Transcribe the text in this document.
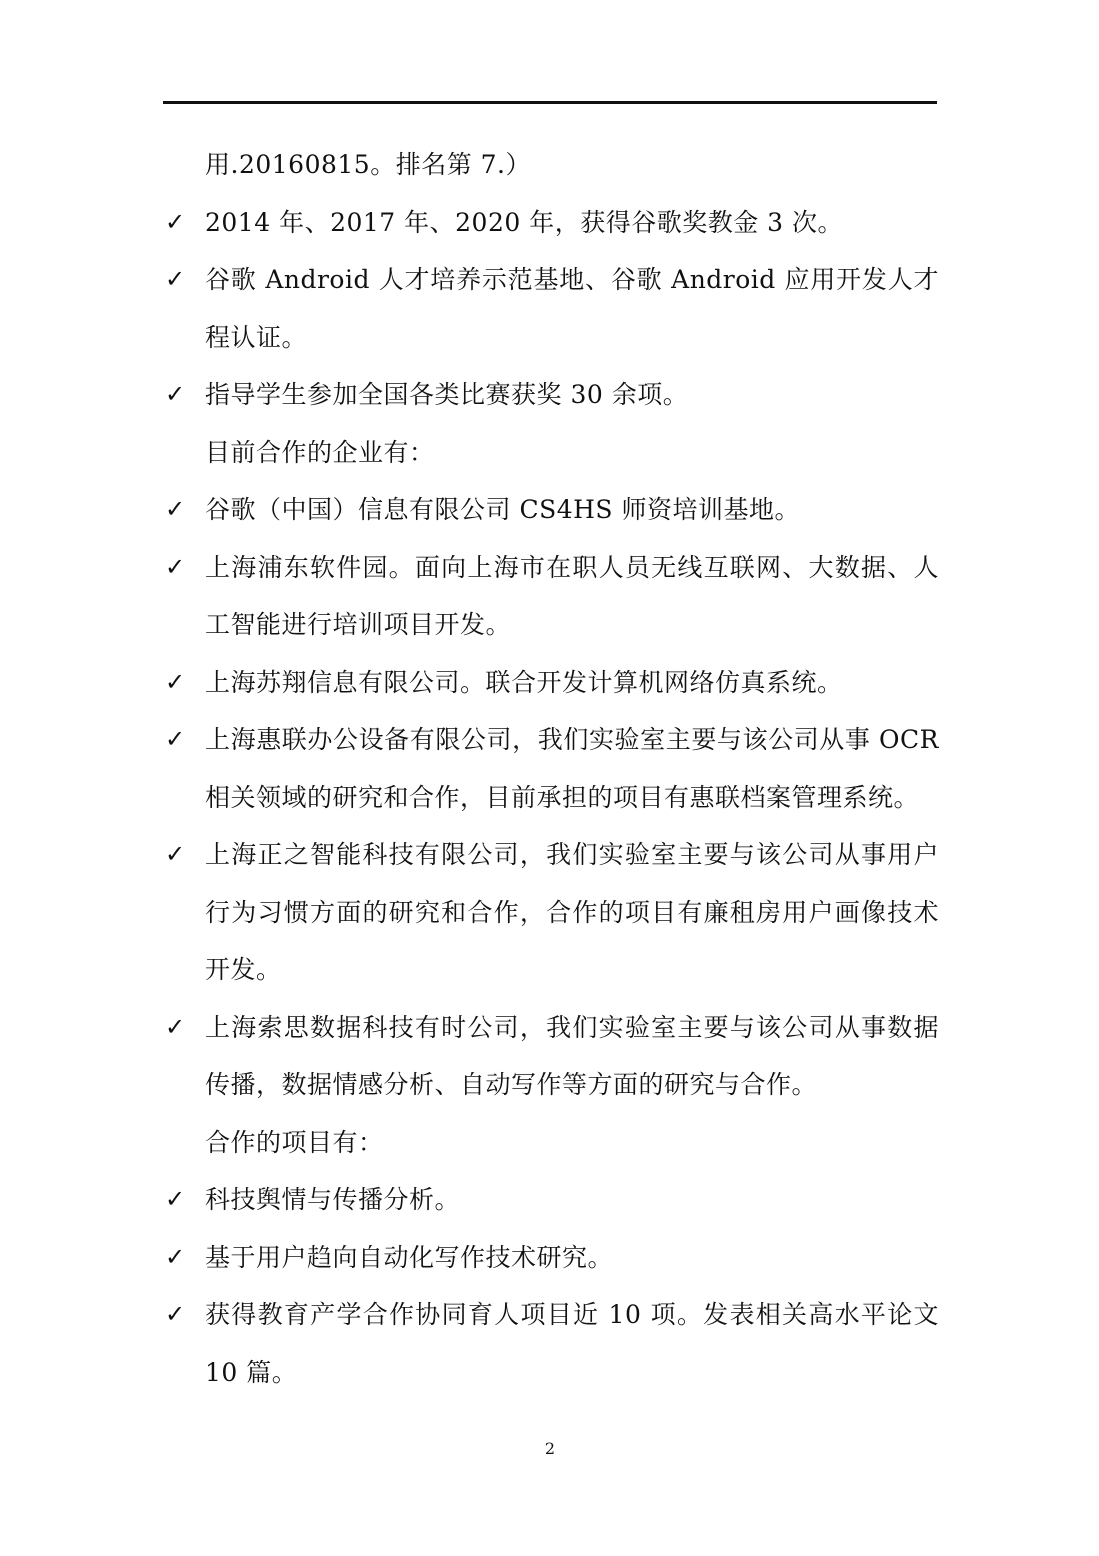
用.20160815。排名第 7.）
✓ 2014 年、2017 年、2020 年，获得谷歌奖教金 3 次。
✓ 谷歌 Android 人才培养示范基地、谷歌 Android 应用开发人才
程认证。
✓ 指导学生参加全国各类比赛获奖 30 余项。
目前合作的企业有：
✓ 谷歌（中国）信息有限公司 CS4HS 师资培训基地。
✓ 上海浦东软件园。面向上海市在职人员无线互联网、大数据、人
工智能进行培训项目开发。
✓ 上海苏翔信息有限公司。联合开发计算机网络仿真系统。
✓ 上海惠联办公设备有限公司，我们实验室主要与该公司从事 OCR
相关领域的研究和合作，目前承担的项目有惠联档案管理系统。
✓ 上海正之智能科技有限公司，我们实验室主要与该公司从事用户
行为习惯方面的研究和合作，合作的项目有廉租房用户画像技术
开发。
✓ 上海索思数据科技有时公司，我们实验室主要与该公司从事数据
传播，数据情感分析、自动写作等方面的研究与合作。
合作的项目有：
✓ 科技舆情与传播分析。
✓ 基于用户趋向自动化写作技术研究。
✓ 获得教育产学合作协同育人项目近 10 项。发表相关高水平论文
10 篇。
2
